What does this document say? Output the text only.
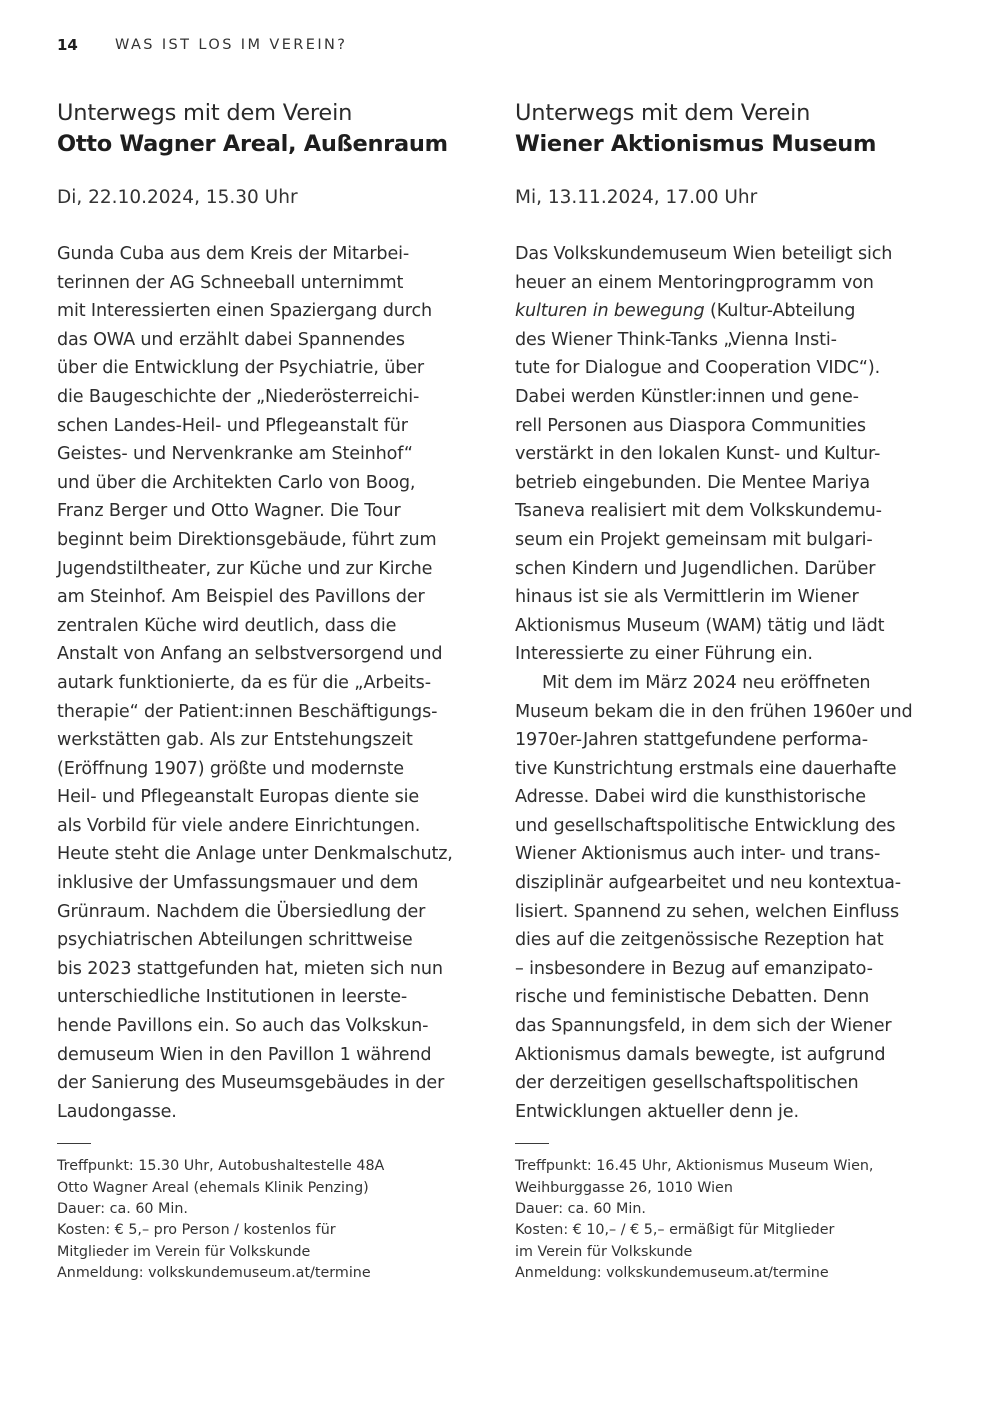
14	WAS IST LOS IM VEREIN?
Unterwegs mit dem Verein
Otto Wagner Areal, Außenraum
Di, 22.10.2024, 15.30 Uhr
Gunda Cuba aus dem Kreis der Mitarbei-
terinnen der AG Schneeball unternimmt
mit Interessierten einen Spaziergang durch
das OWA und erzählt dabei Spannendes
über die Entwicklung der Psychiatrie, über
die Baugeschichte der „Niederösterreichi-
schen Landes-Heil- und Pflegeanstalt für
Geistes- und Nervenkranke am Steinhof“
und über die Architekten Carlo von Boog,
Franz Berger und Otto Wagner. Die Tour
beginnt beim Direktionsgebäude, führt zum
Jugendstiltheater, zur Küche und zur Kirche
am Steinhof. Am Beispiel des Pavillons der
zentralen Küche wird deutlich, dass die
Anstalt von Anfang an selbstversorgend und
autark funktionierte, da es für die „Arbeits-
therapie“ der Patient:innen Beschäftigungs-
werkstätten gab. Als zur Entstehungszeit
(Eröffnung 1907) größte und modernste
Heil- und Pflegeanstalt Europas diente sie
als Vorbild für viele andere Einrichtungen.
Heute steht die Anlage unter Denkmalschutz,
inklusive der Umfassungsmauer und dem
Grünraum. Nachdem die Übersiedlung der
psychiatrischen Abteilungen schrittweise
bis 2023 stattgefunden hat, mieten sich nun
unterschiedliche Institutionen in leerste-
hende Pavillons ein. So auch das Volkskun-
demuseum Wien in den Pavillon 1 während
der Sanierung des Museumsgebäudes in der
Laudongasse.
Treffpunkt: 15.30 Uhr, Autobushaltestelle 48A
Otto Wagner Areal (ehemals Klinik Penzing)
Dauer: ca. 60 Min.
Kosten: € 5,– pro Person / kostenlos für
Mitglieder im Verein für Volkskunde
Anmeldung: volkskundemuseum.at/termine
Unterwegs mit dem Verein
Wiener Aktionismus Museum
Mi, 13.11.2024, 17.00 Uhr
Das Volkskundemuseum Wien beteiligt sich
heuer an einem Mentoringprogramm von
kulturen in bewegung (Kultur-Abteilung
des Wiener Think-Tanks „Vienna Insti-
tute for Dialogue and Cooperation VIDC“).
Dabei werden Künstler:innen und gene-
rell Personen aus Diaspora Communities
verstärkt in den lokalen Kunst- und Kultur-
betrieb eingebunden. Die Mentee Mariya
Tsaneva realisiert mit dem Volkskundemu-
seum ein Projekt gemeinsam mit bulgari-
schen Kindern und Jugendlichen. Darüber
hinaus ist sie als Vermittlerin im Wiener
Aktionismus Museum (WAM) tätig und lädt
Interessierte zu einer Führung ein.
Mit dem im März 2024 neu eröffneten
Museum bekam die in den frühen 1960er und
1970er-Jahren stattgefundene performa-
tive Kunstrichtung erstmals eine dauerhafte
Adresse. Dabei wird die kunsthistorische
und gesellschaftspolitische Entwicklung des
Wiener Aktionismus auch inter- und trans-
disziplinär aufgearbeitet und neu kontextua-
lisiert. Spannend zu sehen, welchen Einfluss
dies auf die zeitgenössische Rezeption hat
– insbesondere in Bezug auf emanzipato-
rische und feministische Debatten. Denn
das Spannungsfeld, in dem sich der Wiener
Aktionismus damals bewegte, ist aufgrund
der derzeitigen gesellschaftspolitischen
Entwicklungen aktueller denn je.
Treffpunkt: 16.45 Uhr, Aktionismus Museum Wien,
Weihburggasse 26, 1010 Wien
Dauer: ca. 60 Min.
Kosten: € 10,– / € 5,– ermäßigt für Mitglieder
im Verein für Volkskunde
Anmeldung: volkskundemuseum.at/termine
